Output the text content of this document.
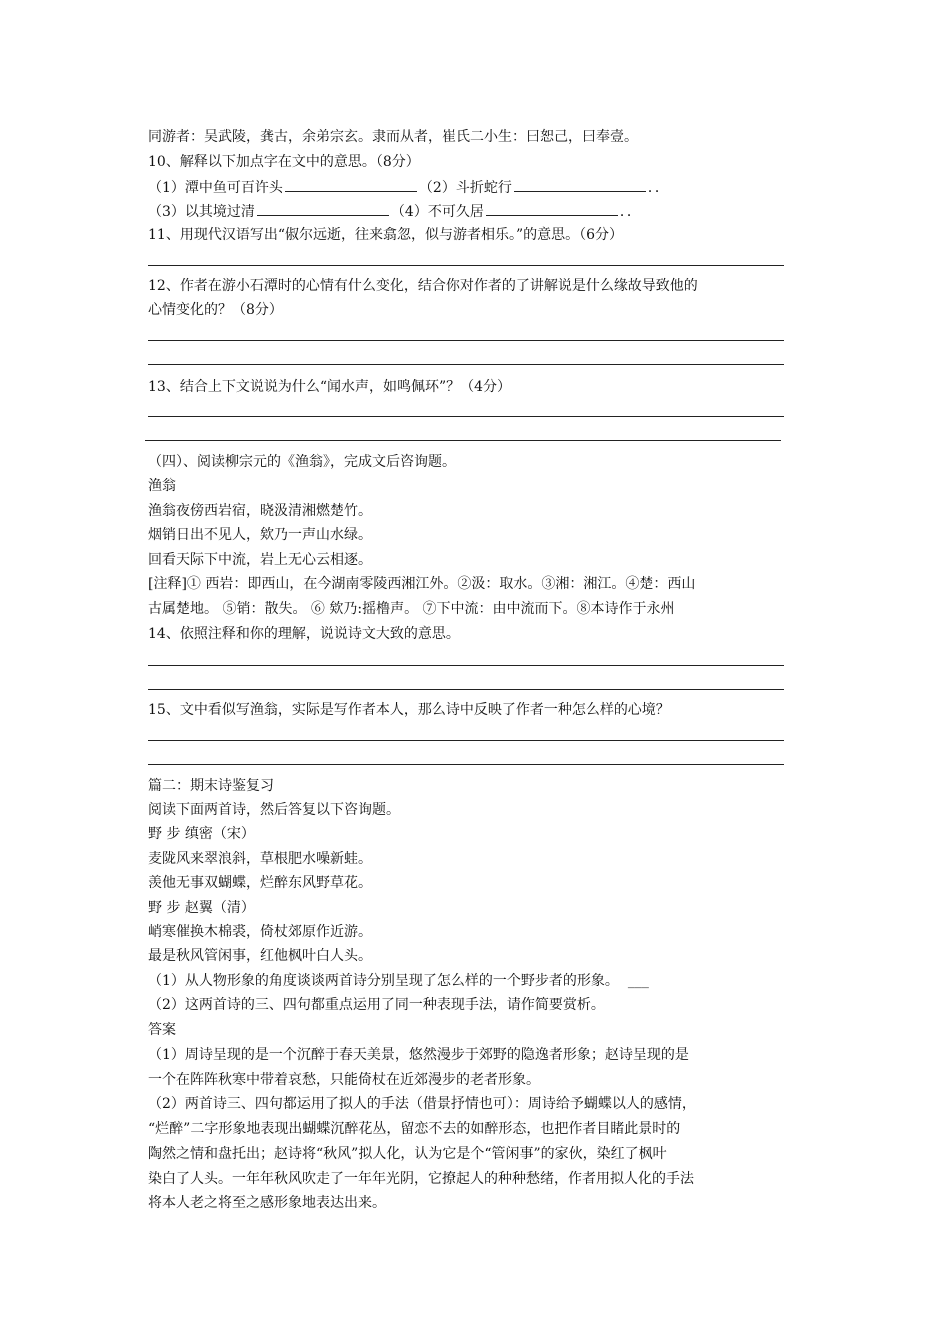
同游者：吴武陵，龚古，余弟宗玄。隶而从者，崔氏二小生：曰恕己，曰奉壹。
10、解释以下加点字在文中的意思。（8分）
（1）潭中鱼可百许头	（2）斗折蛇行	．．
（3）以其境过清	（4）不可久居	．．
11、用现代汉语写出“俶尔远逝，往来翕忽，似与游者相乐。”的意思。（6分）
12、作者在游小石潭时的心情有什么变化，结合你对作者的了讲解说是什么缘故导致他的
心情变化的？（8分）
13、结合上下文说说为什么“闻水声，如鸣佩环”？（4分）
（四）、阅读柳宗元的《渔翁》，完成文后咨询题。
渔翁
渔翁夜傍西岩宿，晓汲清湘燃楚竹。
烟销日出不见人，欸乃一声山水绿。
回看天际下中流，岩上无心云相逐。
[注释]① 西岩：即西山，在今湖南零陵西湘江外。②汲：取水。③湘：湘江。④楚：西山
古属楚地。 ⑤销：散失。 ⑥ 欸乃:摇橹声。 ⑦下中流：由中流而下。⑧本诗作于永州
14、依照注释和你的理解，说说诗文大致的意思。
15、文中看似写渔翁，实际是写作者本人，那么诗中反映了作者一种怎么样的心境？
篇二：期末诗鉴复习
阅读下面两首诗，然后答复以下咨询题。
野 步 缜密（宋）
麦陇风来翠浪斜，草根肥水噪新蛙。
羡他无事双蝴蝶，烂醉东风野草花。
野 步 赵翼（清）
峭寒催换木棉裘，倚杖郊原作近游。
最是秋风管闲事，红他枫叶白人头。
（1）从人物形象的角度谈谈两首诗分别呈现了怎么样的一个野步者的形象。 ___
（2）这两首诗的三、四句都重点运用了同一种表现手法，请作简要赏析。
答案
（1）周诗呈现的是一个沉醉于春天美景，悠然漫步于郊野的隐逸者形象；赵诗呈现的是
一个在阵阵秋寒中带着哀愁，只能倚杖在近郊漫步的老者形象。
（2）两首诗三、四句都运用了拟人的手法（借景抒情也可）：周诗给予蝴蝶以人的感情，
“烂醉”二字形象地表现出蝴蝶沉醉花丛，留恋不去的如醉形态，也把作者目睹此景时的
陶然之情和盘托出；赵诗将“秋风”拟人化，认为它是个“管闲事”的家伙，染红了枫叶
染白了人头。一年年秋风吹走了一年年光阴，它撩起人的种种愁绪，作者用拟人化的手法
将本人老之将至之感形象地表达出来。
